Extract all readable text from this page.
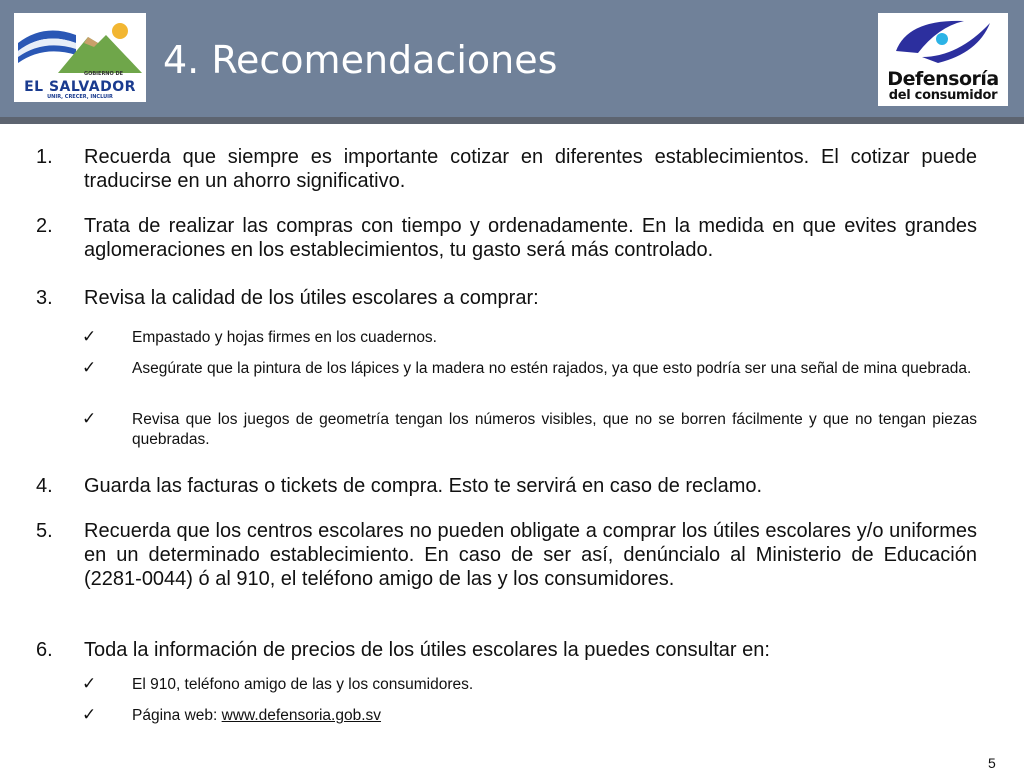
GOBIERNO DE
EL SALVADOR
UNIR, CRECER, INCLUIR
4. Recomendaciones	Defensoría
del consumidor
1. Recuerda que siempre es importante cotizar en diferentes establecimientos. El cotizar puede traducirse en un ahorro significativo.
2. Trata de realizar las compras con tiempo y ordenadamente. En la medida en que evites grandes aglomeraciones en los establecimientos, tu gasto será más controlado.
3. Revisa la calidad de los útiles escolares a comprar:
✓ Empastado y hojas firmes en los cuadernos.
✓ Asegúrate que la pintura de los lápices y la madera no estén rajados, ya que esto podría ser una señal de mina quebrada.
✓ Revisa que los juegos de geometría tengan los números visibles, que no se borren fácilmente y que no tengan piezas quebradas.
4. Guarda las facturas o tickets de compra. Esto te servirá en caso de reclamo.
5. Recuerda que los centros escolares no pueden obligate a comprar los útiles escolares y/o uniformes en un determinado establecimiento. En caso de ser así, denúncialo al Ministerio de Educación (2281-0044) ó al 910, el teléfono amigo de las y los consumidores.
6. Toda la información de precios de los útiles escolares la puedes consultar en:
✓ El 910, teléfono amigo de las y los consumidores.
✓ Página web: www.defensoria.gob.sv
5
